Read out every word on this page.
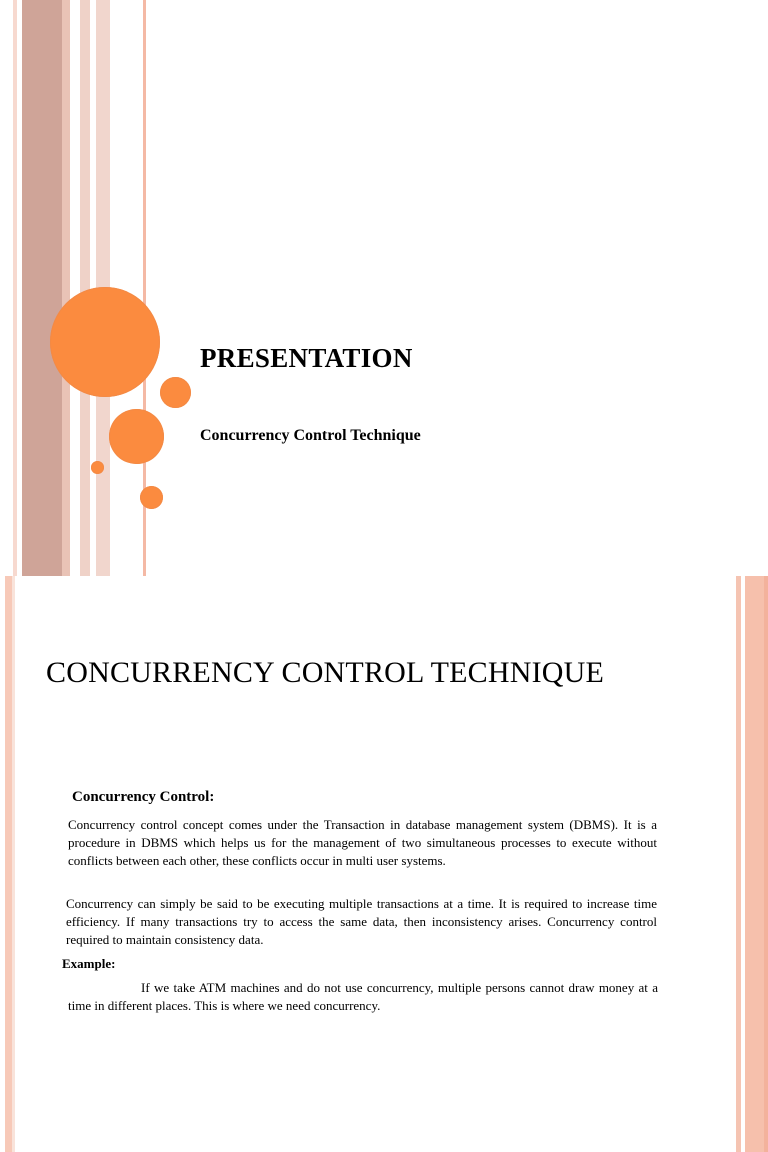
PRESENTATION
Concurrency Control Technique
CONCURRENCY CONTROL TECHNIQUE
Concurrency Control:
Concurrency control concept comes under the Transaction in database management system (DBMS). It is a procedure in DBMS which helps us for the management of two simultaneous processes to execute without conflicts between each other, these conflicts occur in multi user systems.
Concurrency can simply be said to be executing multiple transactions at a time. It is required to increase time efficiency. If many transactions try to access the same data, then inconsistency arises. Concurrency control required to maintain consistency data.
Example:
If we take ATM machines and do not use concurrency, multiple persons cannot draw money at a time in different places. This is where we need concurrency.
